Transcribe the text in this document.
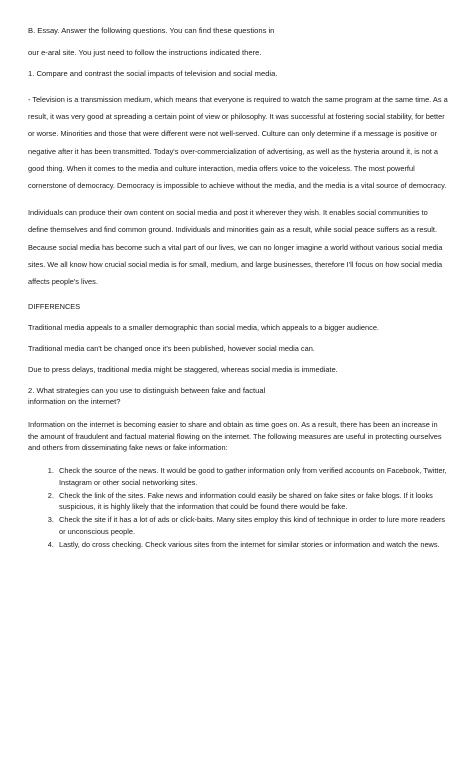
B. Essay. Answer the following questions. You can find these questions in

our e-aral site. You just need to follow the instructions indicated there.

1. Compare and contrast the social impacts of television and social media.

- Television is a transmission medium, which means that everyone is required to watch the same program at the same time. As a result, it was very good at spreading a certain point of view or philosophy. It was successful at fostering social stability, for better or worse. Minorities and those that were different were not well-served. Culture can only determine if a message is positive or negative after it has been transmitted. Today's over-commercialization of advertising, as well as the hysteria around it, is not a good thing. When it comes to the media and culture interaction, media offers voice to the voiceless. The most powerful cornerstone of democracy. Democracy is impossible to achieve without the media, and the media is a vital source of democracy.

Individuals can produce their own content on social media and post it wherever they wish. It enables social communities to define themselves and find common ground. Individuals and minorities gain as a result, while social peace suffers as a result. Because social media has become such a vital part of our lives, we can no longer imagine a world without various social media sites. We all know how crucial social media is for small, medium, and large businesses, therefore I'll focus on how social media affects people's lives.

DIFFERENCES

Traditional media appeals to a smaller demographic than social media, which appeals to a bigger audience.

Traditional media can't be changed once it's been published, however social media can.

Due to press delays, traditional media might be staggered, whereas social media is immediate.

2. What strategies can you use to distinguish between fake and factual information on the internet?

Information on the internet is becoming easier to share and obtain as time goes on. As a result, there has been an increase in the amount of fraudulent and factual material flowing on the internet. The following measures are useful in protecting ourselves and others from disseminating fake news or fake information:

1. Check the source of the news. It would be good to gather information only from verified accounts on Facebook, Twitter, Instagram or other social networking sites.
2. Check the link of the sites. Fake news and information could easily be shared on fake sites or fake blogs. If it looks suspicious, it is highly likely that the information that could be found there would be fake.
3. Check the site if it has a lot of ads or click-baits. Many sites employ this kind of technique in order to lure more readers or unconscious people.
4. Lastly, do cross checking. Check various sites from the internet for similar stories or information and watch the news.
